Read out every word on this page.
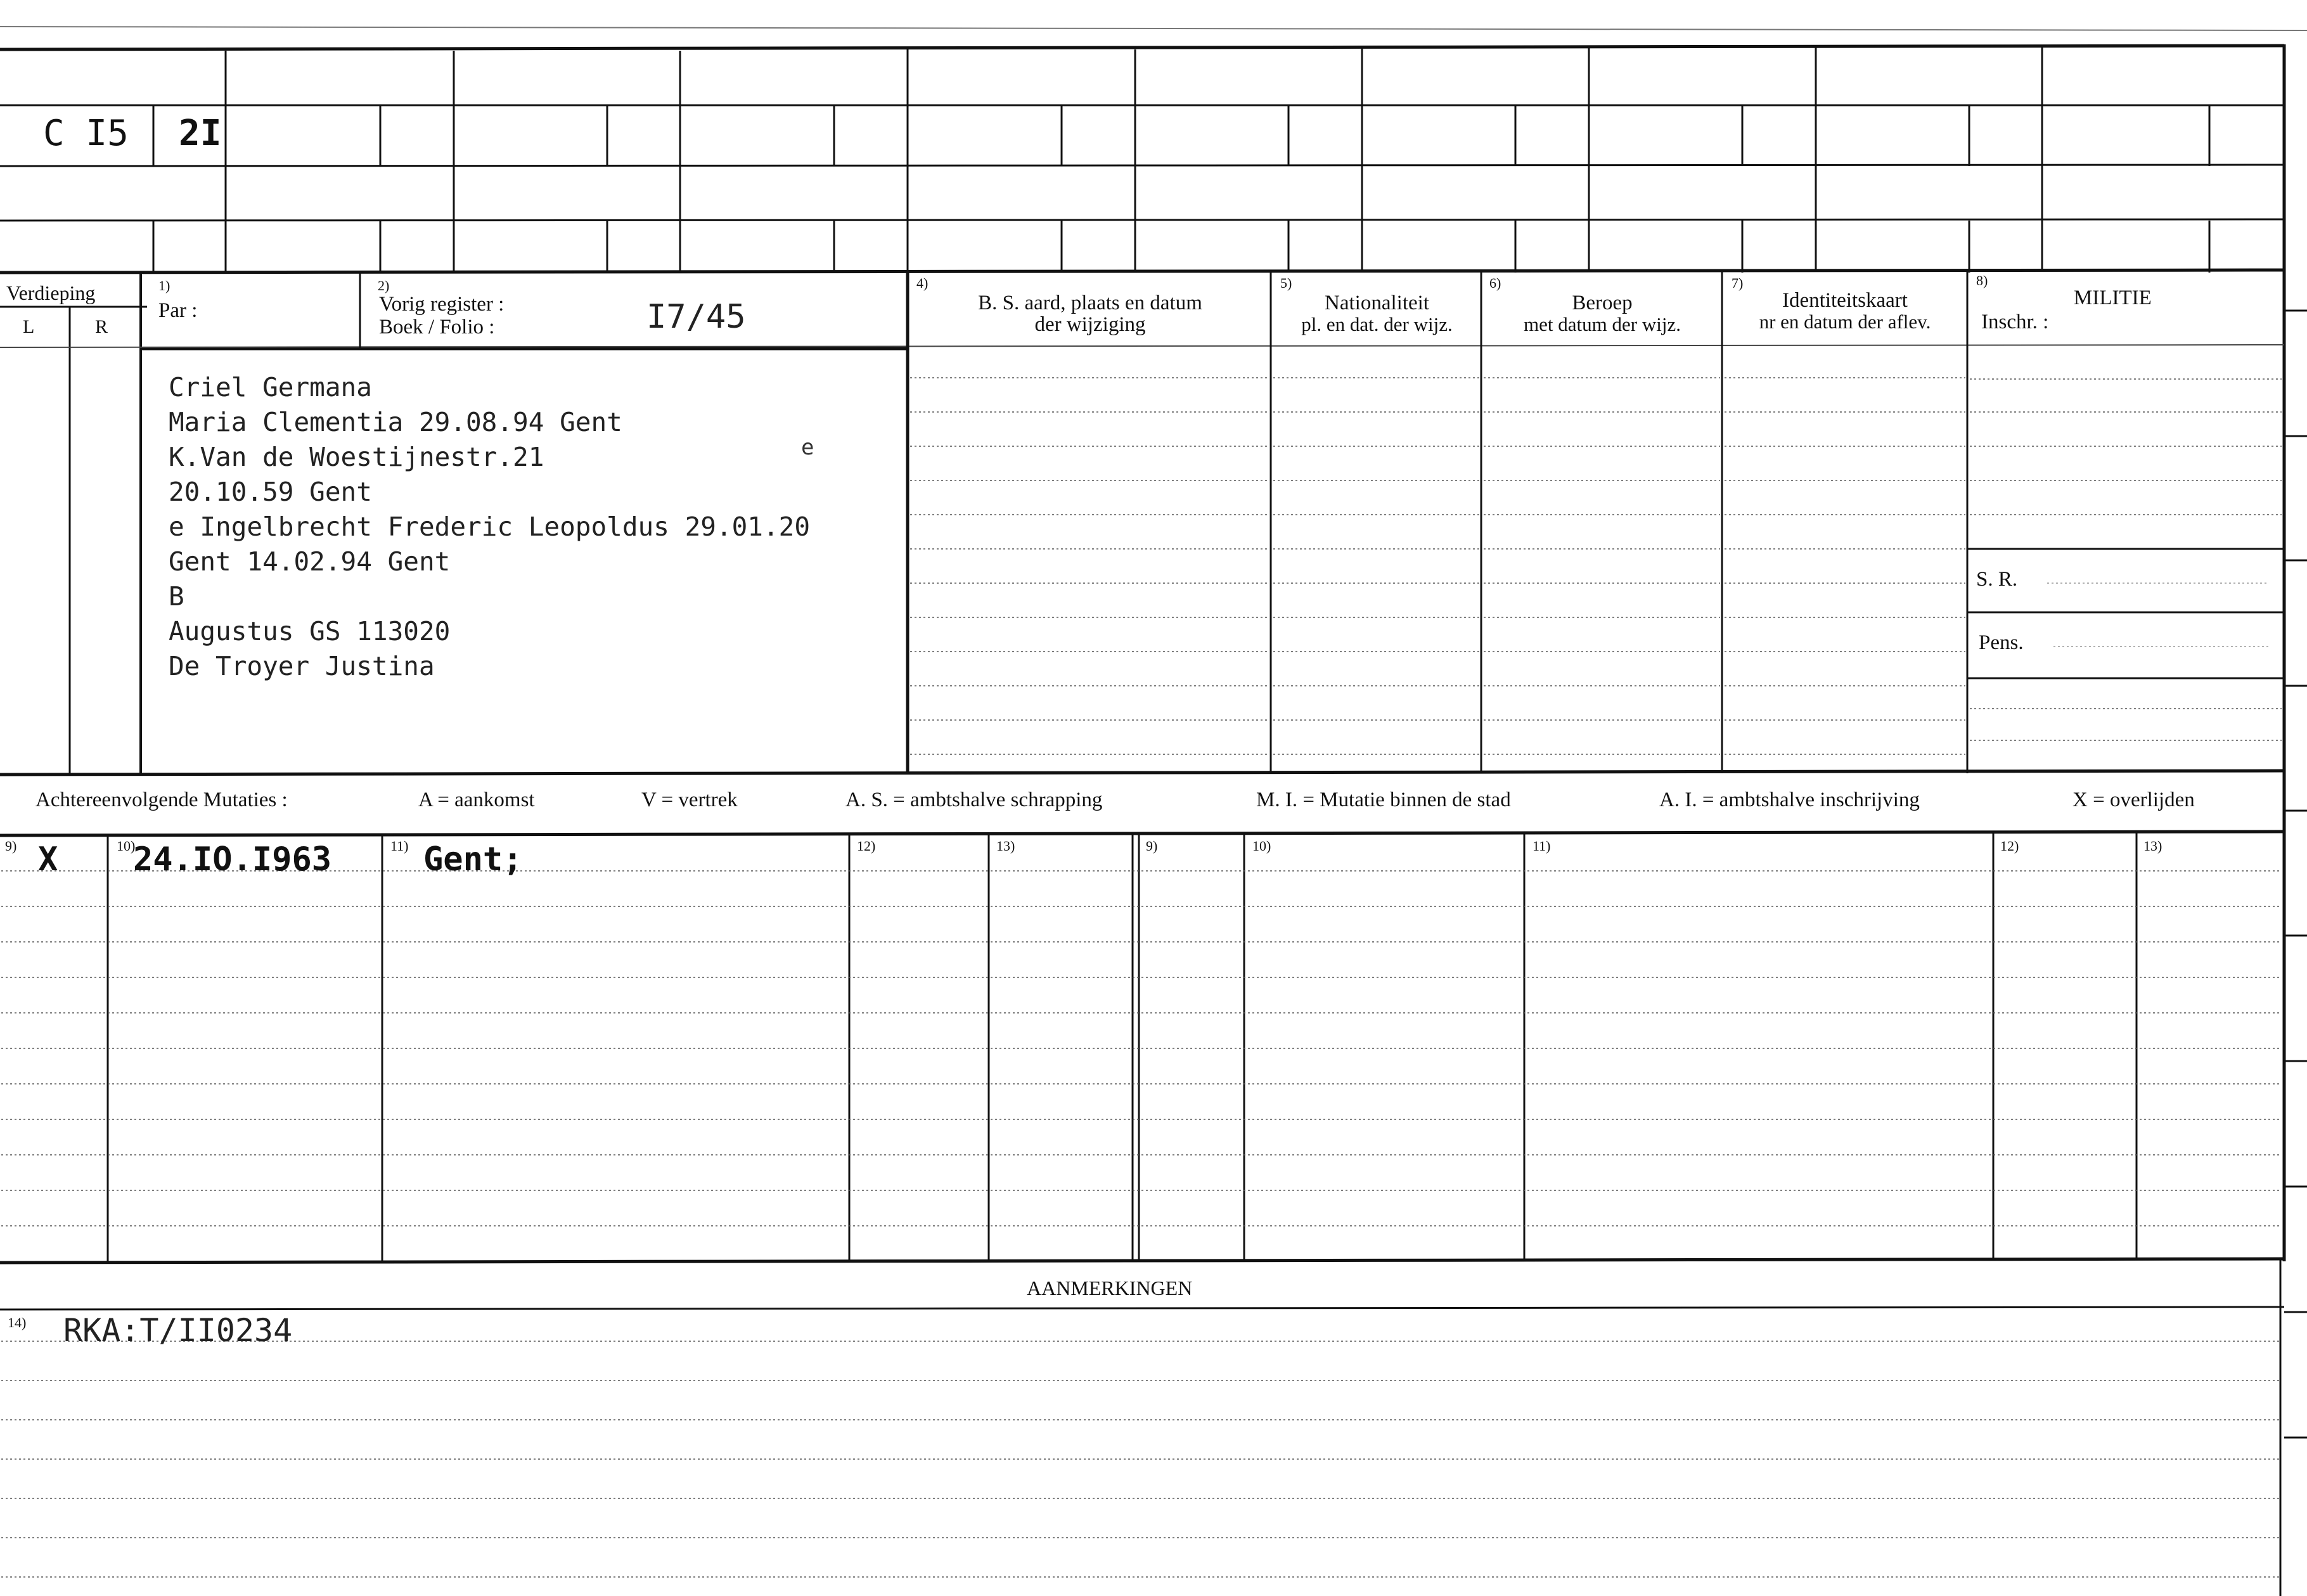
C I5 2I
Verdieping
L	R
1)
Par :
2)
Vorig register :
Boek / Folio :	I7/45
4)
B. S. aard, plaats en datum
der wijziging
5)
Nationaliteit
pl. en dat. der wijz.
6)
Beroep
met datum der wijz.
7)
Identiteitskaart
nr en datum der aflev.
8)
MILITIE
Inschr. :
S. R.
Pens.
Criel Germana
Maria Clementia 29.08.94 Gent
K.Van de Woestijnestr.21
20.10.59 Gent
e Ingelbrecht Frederic Leopoldus 29.01.20
Gent 14.02.94 Gent
B
Augustus GS 113020
De Troyer Justina
e
Achtereenvolgende Mutaties :	A = aankomst	V = vertrek	A. S. = ambtshalve schrapping	M. I. = Mutatie binnen de stad	A. I. = ambtshalve inschrijving	X = overlijden
9)	10)	11)	12)	13)	9)	10)	11)	12)	13)
X 24.IO.I963	Gent;
AANMERKINGEN
14) RKA:T/II0234
